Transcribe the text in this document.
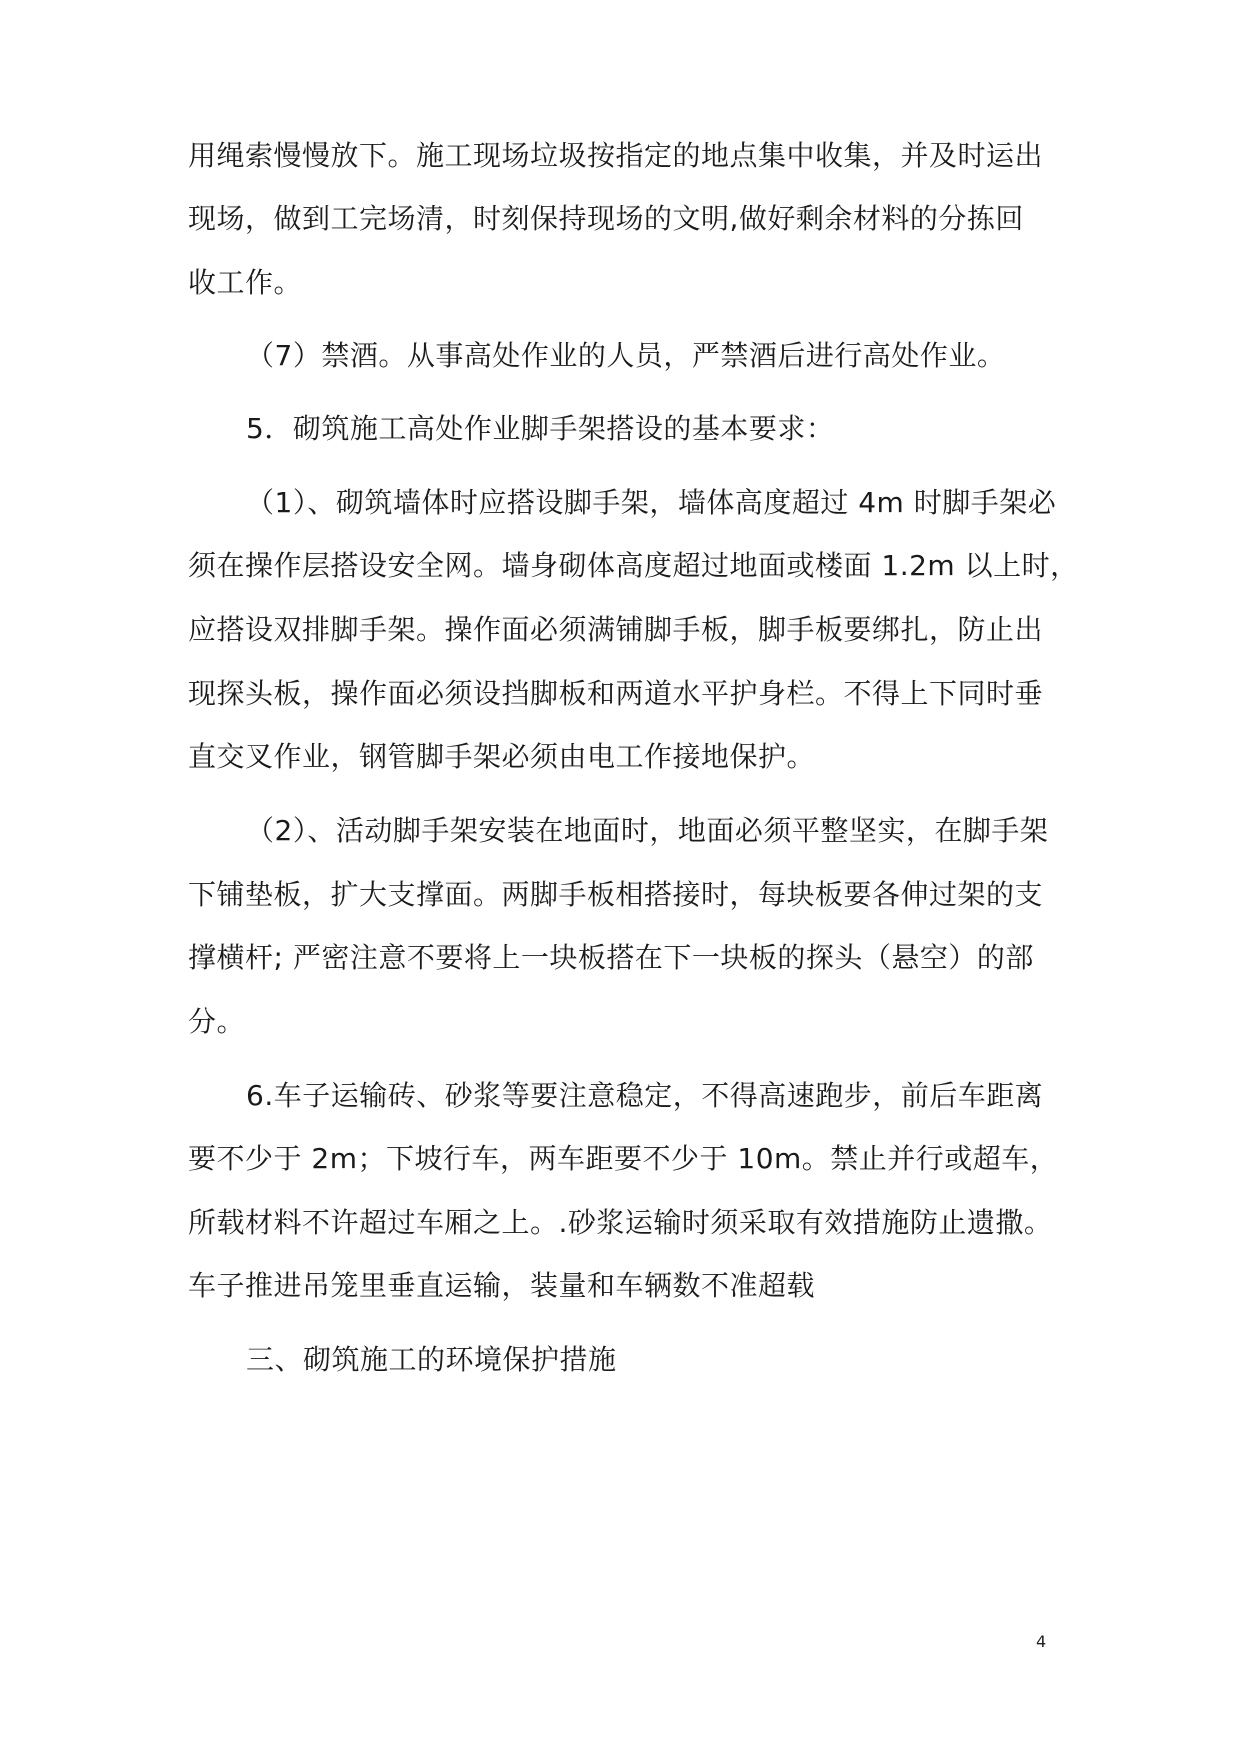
用绳索慢慢放下。施工现场垃圾按指定的地点集中收集，并及时运出
现场，做到工完场清，时刻保持现场的文明,做好剩余材料的分拣回
收工作。
（7）禁酒。从事高处作业的人员，严禁酒后进行高处作业。
5．砌筑施工高处作业脚手架搭设的基本要求：
（1）、砌筑墙体时应搭设脚手架，墙体高度超过 4m 时脚手架必
须在操作层搭设安全网。墙身砌体高度超过地面或楼面 1.2m 以上时，
应搭设双排脚手架。操作面必须满铺脚手板，脚手板要绑扎，防止出
现探头板，操作面必须设挡脚板和两道水平护身栏。不得上下同时垂
直交叉作业，钢管脚手架必须由电工作接地保护。
（2）、活动脚手架安装在地面时，地面必须平整坚实，在脚手架
下铺垫板，扩大支撑面。两脚手板相搭接时，每块板要各伸过架的支
撑横杆; 严密注意不要将上一块板搭在下一块板的探头（悬空）的部
分。
6.车子运输砖、砂浆等要注意稳定，不得高速跑步，前后车距离
要不少于 2m；下坡行车，两车距要不少于 10m。禁止并行或超车，
所载材料不许超过车厢之上。.砂浆运输时须采取有效措施防止遗撒。
车子推进吊笼里垂直运输，装量和车辆数不准超载
三、砌筑施工的环境保护措施
4
